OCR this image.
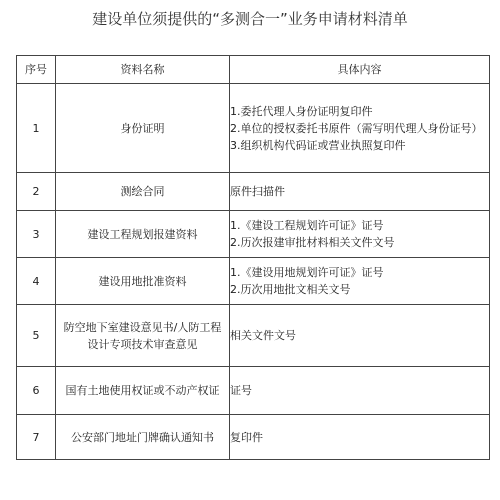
建设单位须提供的“多测合一”业务申请材料清单
序号	资料名称	具体内容
1	身份证明	1.委托代理人身份证明复印件
2.单位的授权委托书原件（需写明代理人身份证号）
3.组织机构代码证或营业执照复印件

2	测绘合同	原件扫描件

3	建设工程规划报建资料	1.《建设工程规划许可证》证号
2.历次报建审批材料相关文件文号

4	建设用地批准资料	1.《建设用地规划许可证》证号
2.历次用地批文相关文号

5	防空地下室建设意见书/人防工程设计专项技术审查意见	相关文件文号

6	国有土地使用权证或不动产权证	证号

7	公安部门地址门牌确认通知书	复印件
